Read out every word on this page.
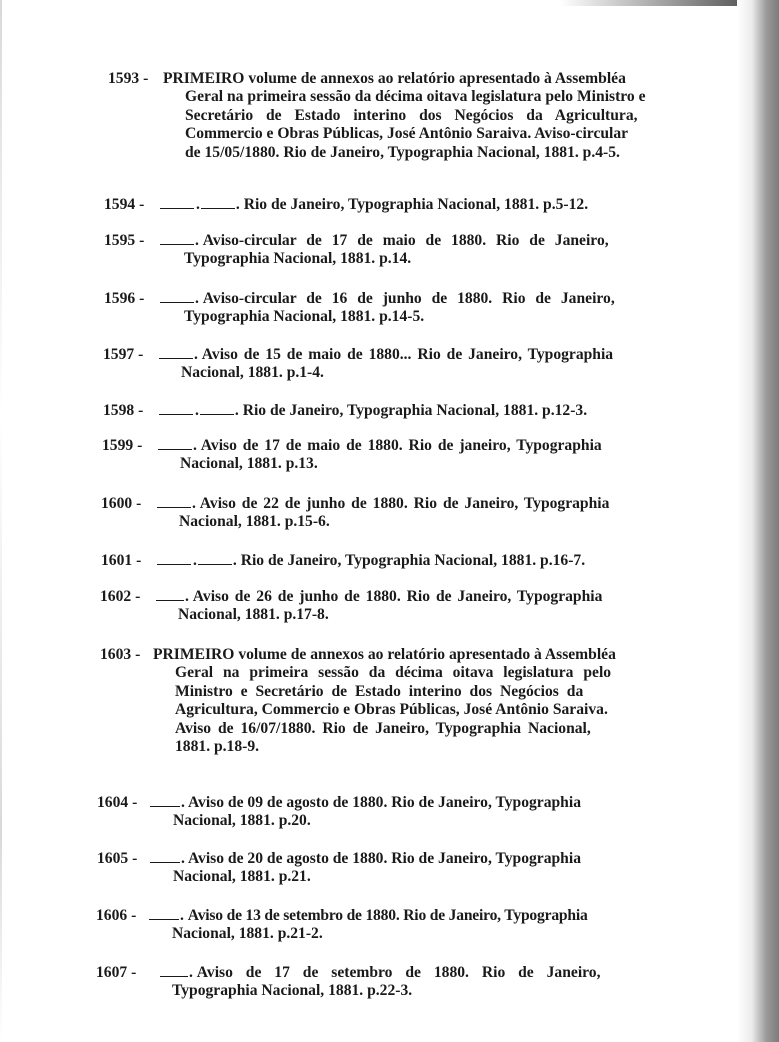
1593 - PRIMEIRO volume de annexos ao relatório apresentado à Assembléa
Geral na primeira sessão da décima oitava legislatura pelo Ministro e
Secretário de Estado interino dos Negócios da Agricultura,
Commercio e Obras Públicas, José Antônio Saraiva. Aviso-circular
de 15/05/1880. Rio de Janeiro, Typographia Nacional, 1881. p.4-5.
1594 -	. . Rio de Janeiro, Typographia Nacional, 1881. p.5-12.
1595 -	. Aviso-circular de 17 de maio de 1880. Rio de Janeiro,
Typographia Nacional, 1881. p.14.
1596 -	. Aviso-circular de 16 de junho de 1880. Rio de Janeiro,
Typographia Nacional, 1881. p.14-5.
1597 -	. Aviso de 15 de maio de 1880... Rio de Janeiro, Typographia
Nacional, 1881. p.1-4.
1598 -	. . Rio de Janeiro, Typographia Nacional, 1881. p.12-3.
1599 -	. Aviso de 17 de maio de 1880. Rio de janeiro, Typographia
Nacional, 1881. p.13.
1600 -	. Aviso de 22 de junho de 1880. Rio de Janeiro, Typographia
Nacional, 1881. p.15-6.
1601 -	. . Rio de Janeiro, Typographia Nacional, 1881. p.16-7.
1602 -	. Aviso de 26 de junho de 1880. Rio de Janeiro, Typographia
Nacional, 1881. p.17-8.
1603 - PRIMEIRO volume de annexos ao relatório apresentado à Assembléa
Geral na primeira sessão da décima oitava legislatura pelo
Ministro e Secretário de Estado interino dos Negócios da
Agricultura, Commercio e Obras Públicas, José Antônio Saraiva.
Aviso de 16/07/1880. Rio de Janeiro, Typographia Nacional,
1881. p.18-9.
1604 -	. Aviso de 09 de agosto de 1880. Rio de Janeiro, Typographia
Nacional, 1881. p.20.
1605 -	. Aviso de 20 de agosto de 1880. Rio de Janeiro, Typographia
Nacional, 1881. p.21.
1606 -	. Aviso de 13 de setembro de 1880. Rio de Janeiro, Typographia
Nacional, 1881. p.21-2.
1607 -	. Aviso de 17 de setembro de 1880. Rio de Janeiro,
Typographia Nacional, 1881. p.22-3.
